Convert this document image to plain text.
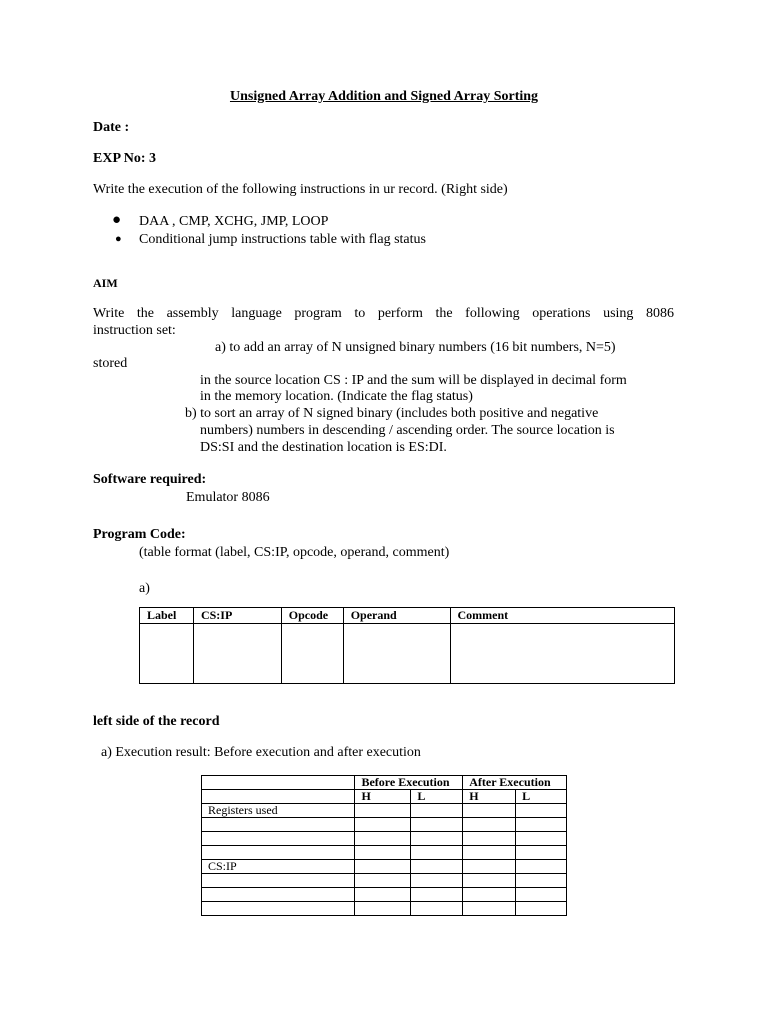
Unsigned Array Addition and Signed Array Sorting
Date :
EXP No: 3
Write the execution of the following instructions in ur record. (Right side)
● DAA , CMP, XCHG, JMP, LOOP
● Conditional jump instructions table with flag status
AIM
Write the assembly language program to perform the following operations using 8086
instruction set:
a) to add an array of N unsigned binary numbers (16 bit numbers, N=5)
stored
in the source location CS : IP and the sum will be displayed in decimal form
in the memory location. (Indicate the flag status)
b) to sort an array of N signed binary (includes both positive and negative
numbers) numbers in descending / ascending order. The source location is
DS:SI and the destination location is ES:DI.
Software required:
Emulator 8086
Program Code:
(table format (label, CS:IP, opcode, operand, comment)
a)
Label	CS:IP	Opcode	Operand	Comment

left side of the record
a) Execution result: Before execution and after execution
	Before Execution		After Execution	
	H	L	H	L
Registers used				

CS:IP				
